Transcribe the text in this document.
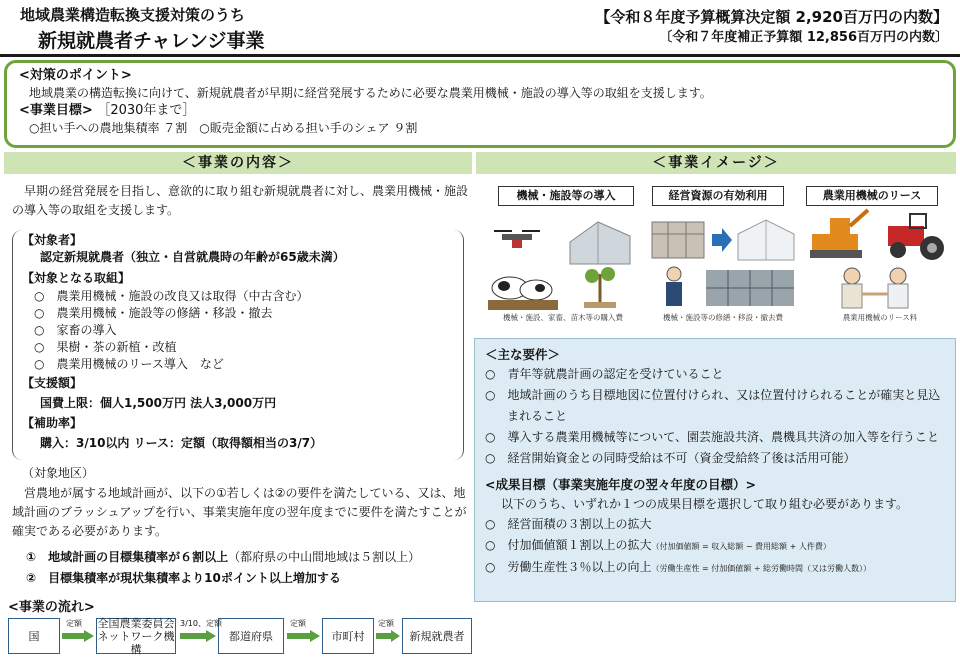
地域農業構造転換支援対策のうち
新規就農者チャレンジ事業
【令和８年度予算概算決定額 2,920百万円の内数】
〔令和７年度補正予算額 12,856百万円の内数〕
<対策のポイント>
地域農業の構造転換に向けて、新規就農者が早期に経営発展するために必要な農業用機械・施設の導入等の取組を支援します。
<事業目標> ［2030年まで］
○担い手への農地集積率 ７割　○販売金額に占める担い手のシェア ９割
＜事業の内容＞
早期の経営発展を目指し、意欲的に取り組む新規就農者に対し、農業用機械・施設の導入等の取組を支援します。
【対象者】
認定新規就農者（独立・自営就農時の年齢が65歳未満）
【対象となる取組】
○　農業用機械・施設の改良又は取得（中古含む）
○　農業用機械・施設等の修繕・移設・撤去
○　家畜の導入
○　果樹・茶の新植・改植
○　農業用機械のリース導入　など
【支援額】
国費上限：個人1,500万円 法人3,000万円
【補助率】
購入：3/10以内 リース：定額（取得額相当の3/7）
（対象地区）
営農地が属する地域計画が、以下の①若しくは②の要件を満たしている、又は、地域計画のブラッシュアップを行い、事業実施年度の翌年度までに要件を満たすことが確実である必要があります。
①　地域計画の目標集積率が６割以上（都府県の中山間地域は５割以上）
②　目標集積率が現状集積率より10ポイント以上増加する
<事業の流れ>
国
全国農業委員会
ネットワーク機構
都道府県	市町村	新規就農者
定額	3/10、定額	定額	定額
＜事業イメージ＞
機械・施設等の導入	経営資源の有効利用	農業用機械のリース
機械・施設、家畜、苗木等の購入費	機械・施設等の修繕・移設・撤去費	農業用機械のリース料
＜主な要件＞
○　青年等就農計画の認定を受けていること
○　地域計画のうち目標地図に位置付けられ、又は位置付けられることが確実と見込まれること
○　導入する農業用機械等について、園芸施設共済、農機具共済の加入等を行うこと
○　経営開始資金との同時受給は不可（資金受給終了後は活用可能）
<成果目標（事業実施年度の翌々年度の目標）>
以下のうち、いずれか１つの成果目標を選択して取り組む必要があります。
○　経営面積の３割以上の拡大
○　付加価値額１割以上の拡大（付加価値額 = 収入総額 − 費用総額 + 人件費）
○　労働生産性３％以上の向上（労働生産性 = 付加価値額 ÷ 総労働時間（又は労働人数））
